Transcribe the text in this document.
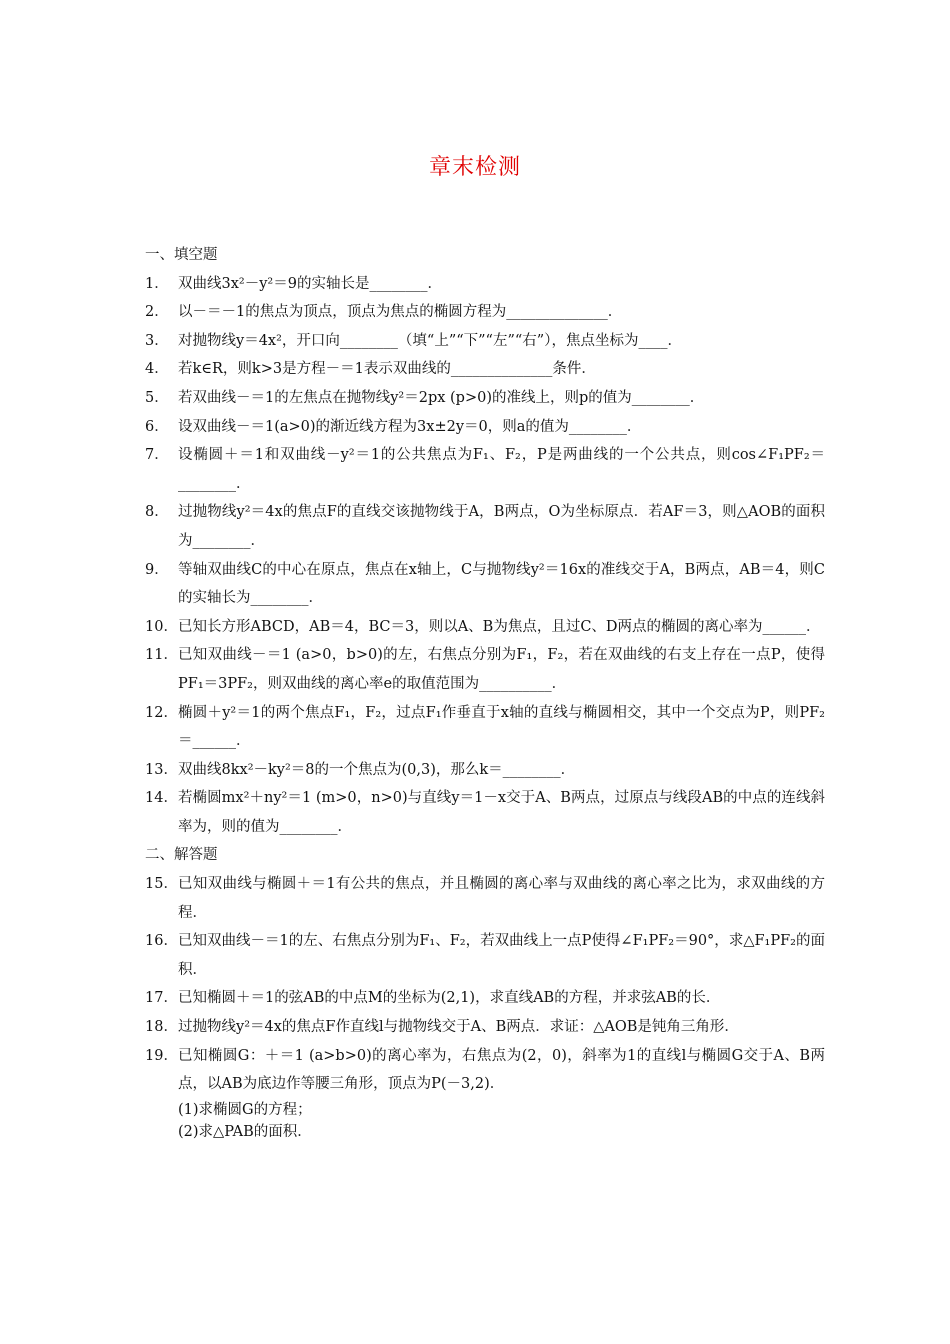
章末检测

一、填空题

1． 双曲线3x²－y²＝9的实轴长是________．
2． 以－＝－1的焦点为顶点，顶点为焦点的椭圆方程为______________．
3． 对抛物线y＝4x²，开口向________（填“上”“下”“左”“右”），焦点坐标为____．
4． 若k∈R，则k>3是方程－＝1表示双曲线的______________条件．
5． 若双曲线－＝1的左焦点在抛物线y²＝2px (p>0)的准线上，则p的值为________．
6． 设双曲线－＝1(a>0)的渐近线方程为3x±2y＝0，则a的值为________．
7． 设椭圆＋＝1和双曲线－y²＝1的公共焦点为F₁、F₂，P是两曲线的一个公共点，则cos∠F₁PF₂＝________．
8． 过抛物线y²＝4x的焦点F的直线交该抛物线于A，B两点，O为坐标原点．若AF＝3，则△AOB的面积为________．
9． 等轴双曲线C的中心在原点，焦点在x轴上，C与抛物线y²＝16x的准线交于A，B两点，AB＝4，则C的实轴长为________．
10． 已知长方形ABCD，AB＝4，BC＝3，则以A、B为焦点，且过C、D两点的椭圆的离心率为______．
11． 已知双曲线－＝1 (a>0，b>0)的左，右焦点分别为F₁，F₂，若在双曲线的右支上存在一点P，使得PF₁＝3PF₂，则双曲线的离心率e的取值范围为__________．
12． 椭圆＋y²＝1的两个焦点F₁，F₂，过点F₁作垂直于x轴的直线与椭圆相交，其中一个交点为P，则PF₂＝______．
13． 双曲线8kx²－ky²＝8的一个焦点为(0,3)，那么k＝________．
14． 若椭圆mx²＋ny²＝1 (m>0，n>0)与直线y＝1－x交于A、B两点，过原点与线段AB的中点的连线斜率为，则的值为________．

二、解答题

15． 已知双曲线与椭圆＋＝1有公共的焦点，并且椭圆的离心率与双曲线的离心率之比为，求双曲线的方程．
16． 已知双曲线－＝1的左、右焦点分别为F₁、F₂，若双曲线上一点P使得∠F₁PF₂＝90°，求△F₁PF₂的面积．
17． 已知椭圆＋＝1的弦AB的中点M的坐标为(2,1)，求直线AB的方程，并求弦AB的长．
18． 过抛物线y²＝4x的焦点F作直线l与抛物线交于A、B两点．求证：△AOB是钝角三角形．
19． 已知椭圆G：＋＝1 (a>b>0)的离心率为，右焦点为(2，0)，斜率为1的直线l与椭圆G交于A、B两点，以AB为底边作等腰三角形，顶点为P(－3,2)．
(1)求椭圆G的方程；
(2)求△PAB的面积．
